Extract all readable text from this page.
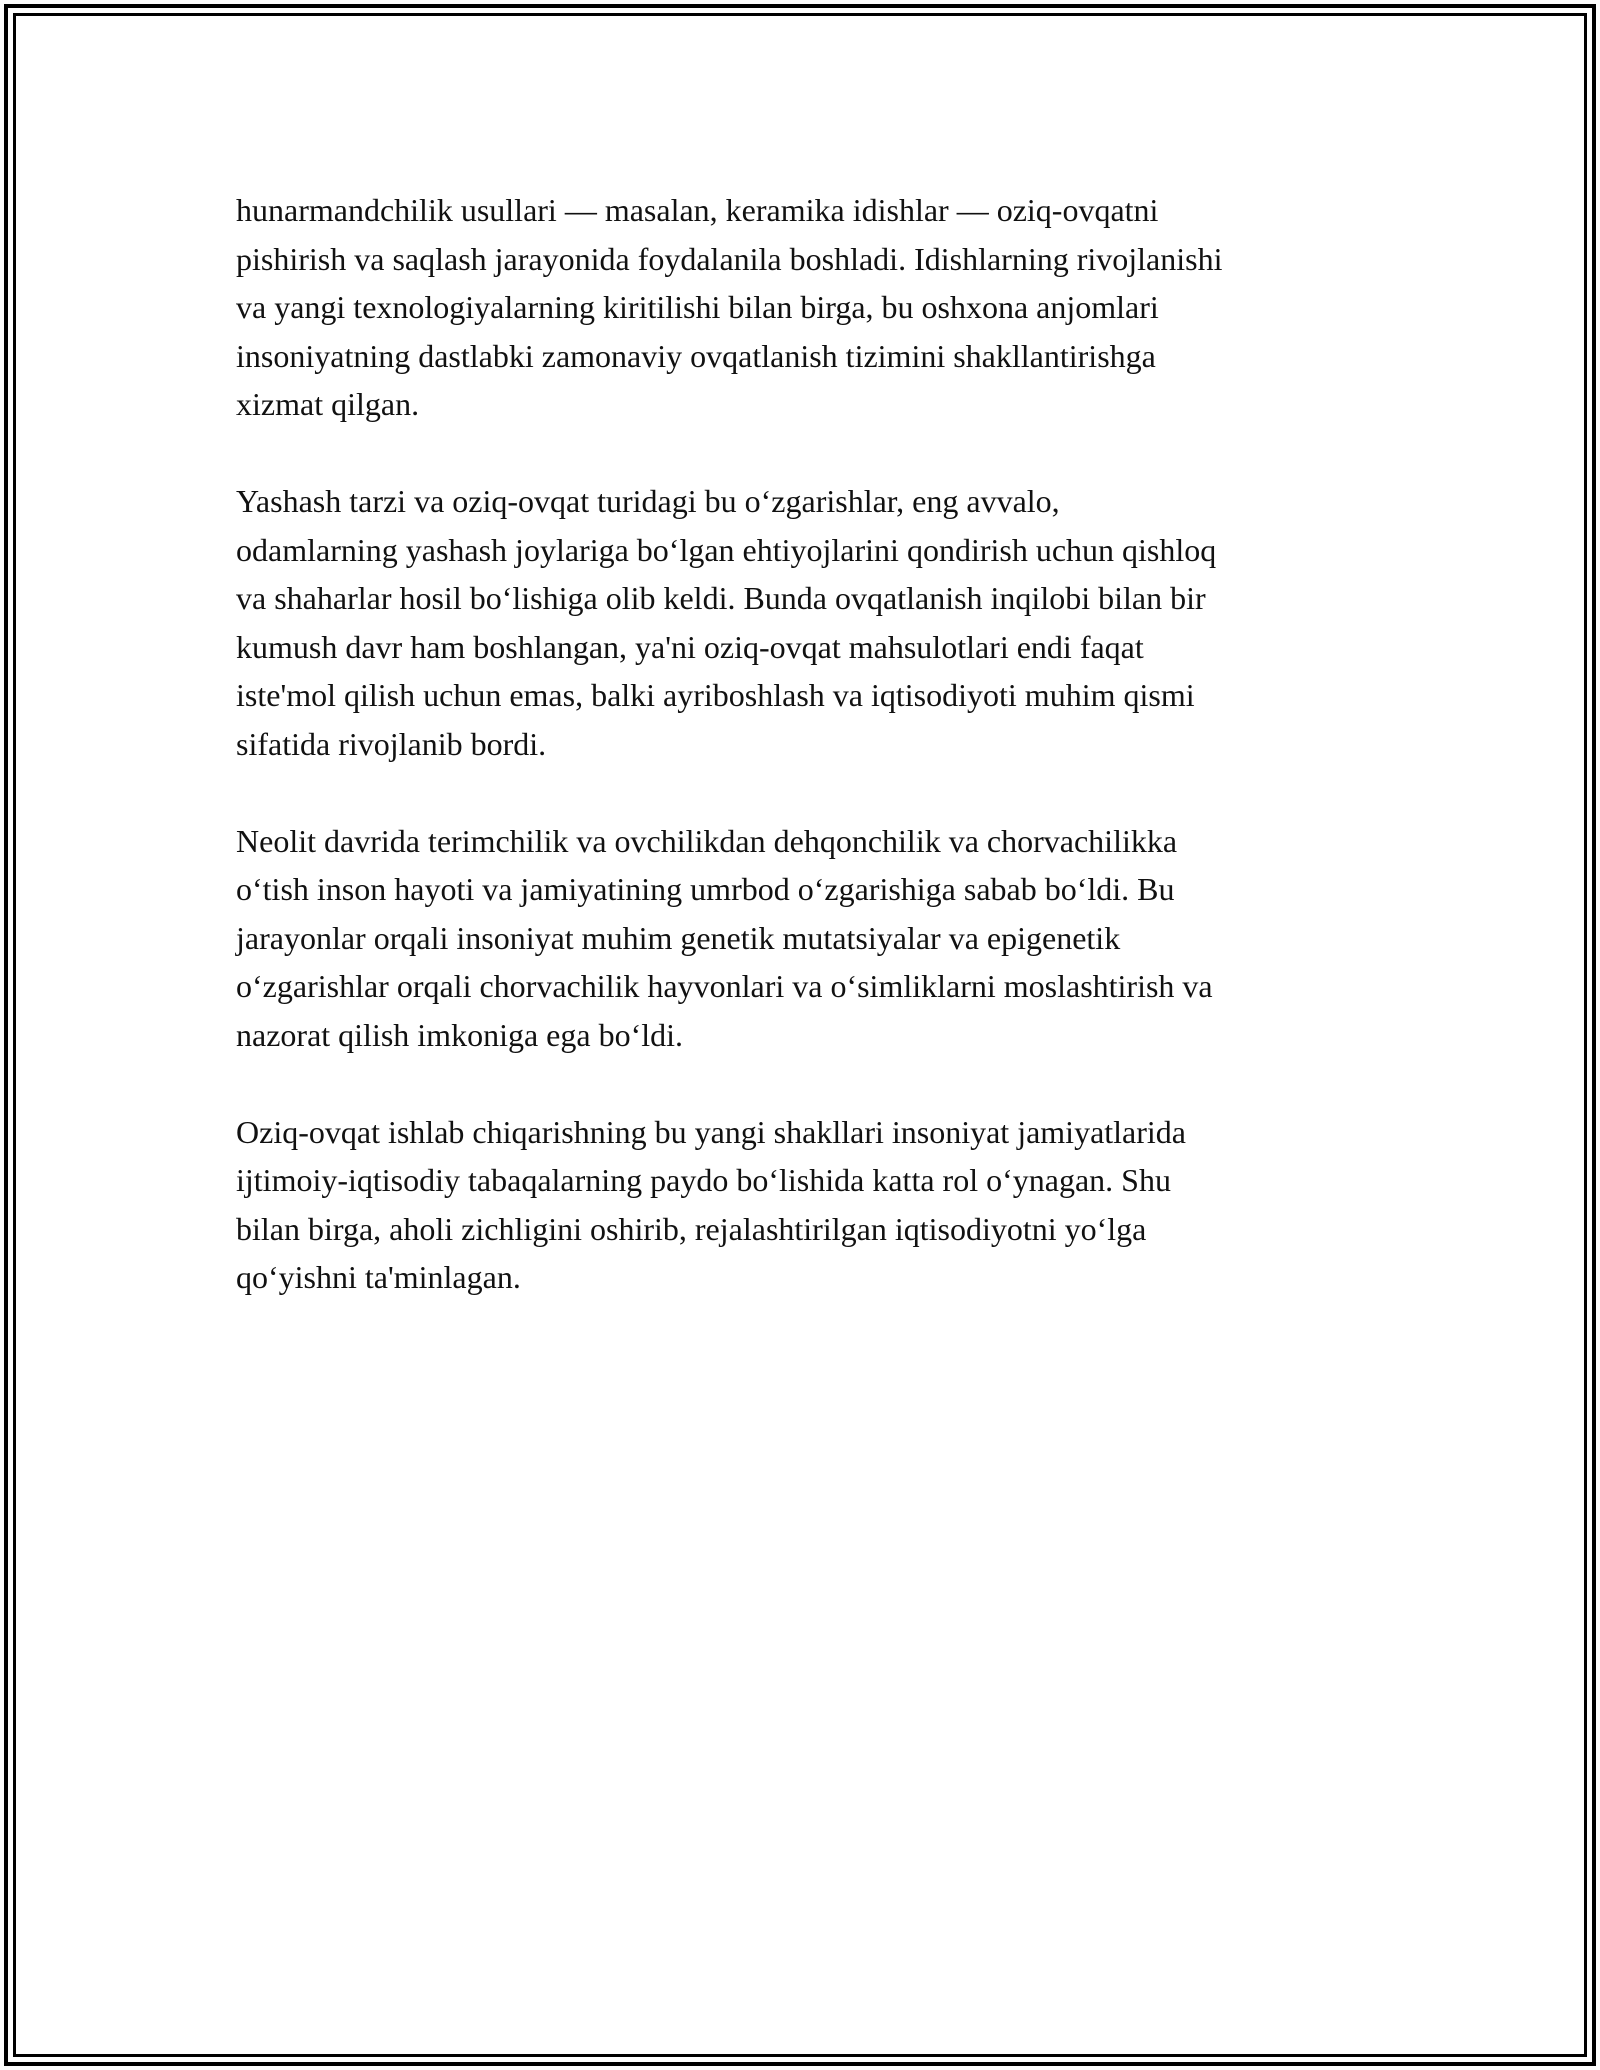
hunarmandchilik usullari — masalan, keramika idishlar — oziq-ovqatni
pishirish va saqlash jarayonida foydalanila boshladi. Idishlarning rivojlanishi
va yangi texnologiyalarning kiritilishi bilan birga, bu oshxona anjomlari
insoniyatning dastlabki zamonaviy ovqatlanish tizimini shakllantirishga
xizmat qilgan.

Yashash tarzi va oziq-ovqat turidagi bu o‘zgarishlar, eng avvalo,
odamlarning yashash joylariga bo‘lgan ehtiyojlarini qondirish uchun qishloq
va shaharlar hosil bo‘lishiga olib keldi. Bunda ovqatlanish inqilobi bilan bir
kumush davr ham boshlangan, ya'ni oziq-ovqat mahsulotlari endi faqat
iste'mol qilish uchun emas, balki ayriboshlash va iqtisodiyoti muhim qismi
sifatida rivojlanib bordi.

Neolit davrida terimchilik va ovchilikdan dehqonchilik va chorvachilikka
o‘tish inson hayoti va jamiyatining umrbod o‘zgarishiga sabab bo‘ldi. Bu
jarayonlar orqali insoniyat muhim genetik mutatsiyalar va epigenetik
o‘zgarishlar orqali chorvachilik hayvonlari va o‘simliklarni moslashtirish va
nazorat qilish imkoniga ega bo‘ldi.

Oziq-ovqat ishlab chiqarishning bu yangi shakllari insoniyat jamiyatlarida
ijtimoiy-iqtisodiy tabaqalarning paydo bo‘lishida katta rol o‘ynagan. Shu
bilan birga, aholi zichligini oshirib, rejalashtirilgan iqtisodiyotni yo‘lga
qo‘yishni ta'minlagan.
